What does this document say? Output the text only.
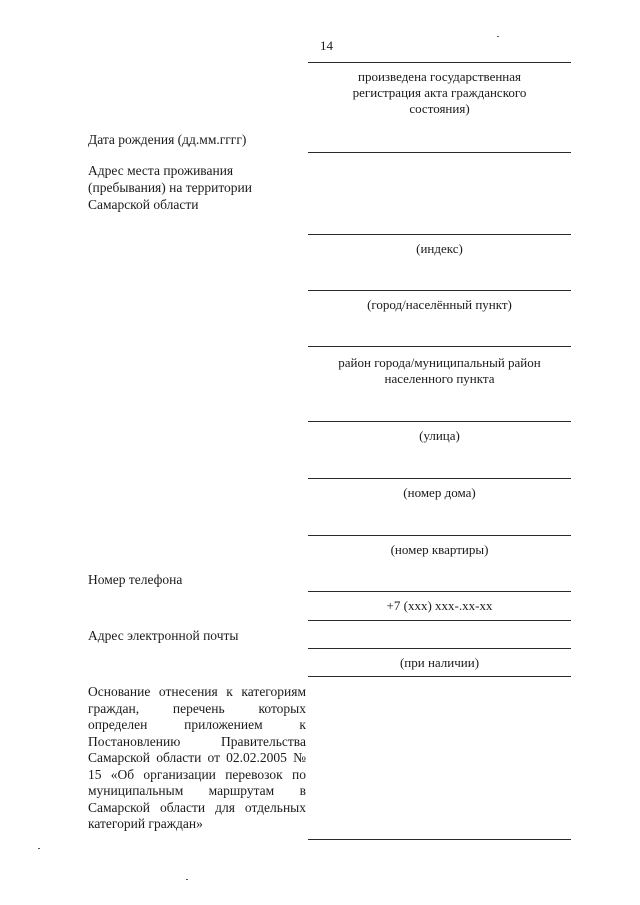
14
произведена государственная регистрация акта гражданского состояния)
Дата рождения (дд.мм.гггг)
Адрес места проживания (пребывания) на территории Самарской области
(индекс)
(город/населённый пункт)
район города/муниципальный район населенного пункта
(улица)
(номер дома)
(номер квартиры)
Номер телефона
+7 (xxx) xxx-.xx-xx
Адрес электронной почты
(при наличии)
Основание отнесения к категориям граждан, перечень которых определен приложением к Постановлению Правительства Самарской области от 02.02.2005 № 15 «Об организации перевозок по муниципальным маршрутам в Самарской области для отдельных категорий граждан»
